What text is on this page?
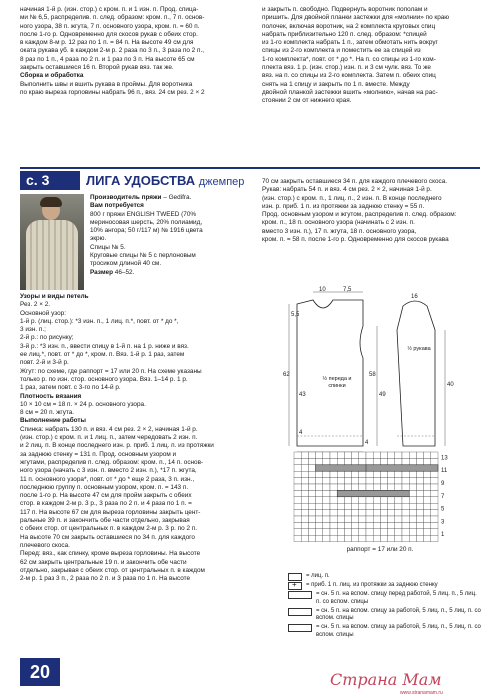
начиная 1-й р. (изн. стор.) с кром. п. и 1 изн. п. Прод. спица-

ми № 6,5, распределив. п. след. образом: кром. п., 7 п. основ-

ного узора, 38 п. жгута, 7 п. основного узора, кром. п. = 60 п.

после 1-го р. Одновременно для скосов рукав с обеих стор.

в каждом 8-м р. 12 раз по 1 п. = 84 п. На высоте 49 см для

оката рукава уб. в каждом 2-м р. 2 раза по 3 п., 3 раза по 2 п.,

8 раз по 1 п., 4 раза по 2 п. и 1 раз по 3 п. На высоте 65 см

закрыть оставшиеся 16 п. Второй рукав вяз. так же.

Сборка и обработка

Выполнить швы и вшить рукава в проймы. Для воротника

по краю выреза горловины набрать 96 п., вяз. 24 см рез. 2 × 2

и закрыть п. свободно. Подвернуть воротник пополам и

пришить. Для двойной планки застежки для «молнии» по краю

полочек, включая воротник, на 2 комплекта круговых спиц

набрать приблизительно 120 п. след. образом: *спицей

из 1-го комплекта набрать 1 п., затем обмотать нить вокруг

спицы из 2-го комплекта и поместить ее за спицей из

1-го комплекта*, повт. от * до *. На п. со спицы из 1-го ком-

плекта вяз. 1 р. (изн. стор.) изн. п. и 3 см чулк. вяз. То же

вяз. на п. со спицы из 2-го комплекта. Затем п. обеих спиц

снять на 1 спицу и закрыть по 1 п. вместе. Между

двойной планкой застежки вшить «молнию», начав на рас-

стоянии 2 см от нижнего края.

с. 3	ЛИГА УДОБСТВА джемпер

Производитель пряжи – Gedifra.

Вам потребуется

800 г пряжи ENGLISH TWEED (70%

мериносовая шерсть, 20% полиамид,

10% ангора; 50 г/117 м) № 1916 цвета

экрю.

Спицы № 5.

Круговые спицы № 5 с перлоновым

тросиком длиной 40 см.

Размер 46–52.

Узоры и виды петель

Рез. 2 × 2.

Основной узор:

1-й р. (лиц. стор.): *3 изн. п., 1 лиц. п.*, повт. от * до *,

3 изн. п.;

2-й р.: по рисунку;

3-й р.: *3 изн. п., ввести спицу в 1-й п. на 1 р. ниже и вяз.

ее лиц.*, повт. от * до *, кром. п. Вяз. 1-й р. 1 раз, затем

повт. 2-й и 3-й р.

Жгут: по схеме, где раппорт = 17 или 20 п. На схеме указаны

только р. по изн. стор. основного узора. Вяз. 1–14 р. 1 р.

1 раз, затем повт. с 3-го по 14-й р.

Плотность вязания

10 × 10 см = 18 п. × 24 р. основного узора.

8 см = 20 п. жгута.

Выполнение работы

Спинка: набрать 130 п. и вяз. 4 см рез. 2 × 2, начиная 1-й р.

(изн. стор.) с кром. п. и 1 лиц. п., затем чередовать 2 изн. п.

и 2 лиц. п. В конце последнего изн. р. приб. 1 лиц. п. из протяжки

за заднюю стенку = 131 п. Прод. основным узором и

жгутами, распределив п. след. образом: кром. п., 14 п. основ-

ного узора (начать с 3 изн. п. вместо 2 изн. п.), *17 п. жгута,

11 п. основного узора*, повт. от * до * еще 2 раза, 3 п. изн.,

последнюю группу п. основным узором, кром. п. = 143 п.

после 1-го р. На высоте 47 см для пройм закрыть с обеих

стор. в каждом 2-м р. 3 р., 3 раза по 2 п. и 4 раза по 1 п. =

117 п. На высоте 67 см для выреза горловины закрыть цент-

ральные 39 п. и закончить обе части отдельно, закрывая

с обеих стор. от центральных п. в каждом 2-м р. 3 р. по 2 п.

На высоте 70 см закрыть оставшиеся по 34 п. для каждого

плечевого скоса.

Перед: вяз., как спинку, кроме выреза горловины. На высоте

62 см закрыть центральные 19 п. и закончить обе части

отдельно, закрывая с обеих стор. от центральных п. в каждом

2-м р. 1 раз 3 п., 2 раза по 2 п. и 3 раза по 1 п. На высоте

70 см закрыть оставшиеся 34 п. для каждого плечевого скоса.

Рукав: набрать 54 п. и вяз. 4 см рез. 2 × 2, начиная 1-й р.

(изн. стор.) с кром. п., 1 лиц. п., 2 изн. п. В конце последнего

изн. р. приб. 1 п. из протяжки за заднюю стенку = 55 п.

Прод. основным узором и жгутом, распределив п. след. образом:

кром. п., 18 п. основного узора (начинать с 2 изн. п.

вместо 3 изн. п.), 17 п. жгута, 18 п. основного узора,

кром. п. = 58 п. после 1-го р. Одновременно для скосов рукава

10	7,5
5,5
62
43
4
58
49
40
16
4
½ переда и спинки
½ рукава
13
11
9
7
5
3
1
раппорт = 17 или 20 п.
= лиц. п.
+
= приб. 1 п. лиц. из протяжки за заднюю стенку
= сн. 5 п. на вспом. спицу перед работой, 5 лиц. п., 5 лиц. п. со вспом. спицы
= сн. 5 п. на вспом. спицу за работой, 5 лиц. п., 5 лиц. п. со вспом. спицы
= сн. 5 п. на вспом. спицу за работой, 5 лиц. п., 5 лиц. п. со вспом. спицы
20	Страна Мам
www.stranamam.ru
